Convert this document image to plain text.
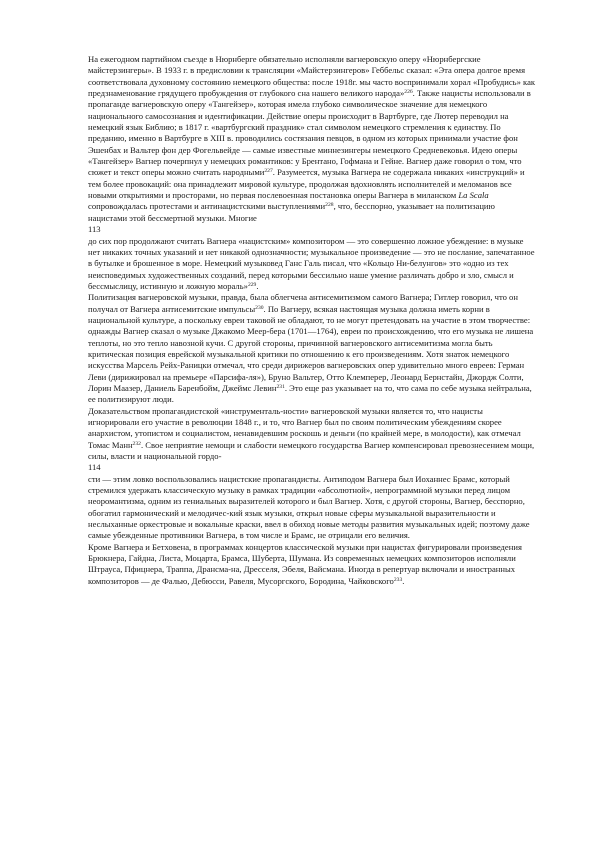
На ежегодном партийном съезде в Нюрнберге обязательно исполняли вагнеровскую оперу «Нюрнбергские майстерзингеры». В 1933 г. в предисловии к трансляции «Майстерзингеров» Геббельс сказал: «Эта опера долгое время соответствовала духовному состоянию немецкого общества: после 1918г. мы часто воспринимали хорал «Пробудись» как предзнаменование грядущего пробуждения от глубокого сна нашего великого народа»$^{226}$. Также нацисты использовали в пропаганде вагнеровскую оперу «Тангейзер», которая имела глубоко символическое значение для немецкого национального самосознания и идентификации. Действие оперы происходит в Вартбурге, где Лютер переводил на немецкий язык Библию; в 1817 г. «вартбургский праздник» стал символом немецкого стремления к единству. По преданию, именно в Вартбурге в XIII в. проводились состязания певцов, в одном из которых принимали участие фон Эшенбах и Вальтер фон дер Фогельвейде — самые известные миннезингеры немецкого Средневековья. Идею оперы «Тангейзер» Вагнер почерпнул у немецких романтиков: у Брентано, Гофмана и Гейне. Вагнер даже говорил о том, что сюжет и текст оперы можно считать народными$^{227}$. Разумеется, музыка Вагнера не содержала никаких «инструкций» и тем более провокаций: она принадлежит мировой культуре, продолжая вдохновлять исполнителей и меломанов все новыми открытиями и просторами, но первая послевоенная постановка оперы Вагнера в миланском La Scala сопровождалась протестами и антинацистскими выступлениями$^{228}$, что, бесспорно, указывает на политизацию нацистами этой бессмертной музыки. Многие

113

до сих пор продолжают считать Вагнера «нацистским» композитором — это совершенно ложное убеждение: в музыке нет никаких точных указаний и нет никакой однозначности; музыкальное произведение — это не послание, запечатанное в бутылке и брошенное в море. Немецкий музыковед Ганс Галь писал, что «Кольцо Ни-белунгов» это «одно из тех неисповедимых художественных созданий, перед которыми бессильно наше умение различать добро и зло, смысл и бессмыслицу, истинную и ложную мораль»$^{229}$.

Политизация вагнеровской музыки, правда, была облегчена антисемитизмом самого Вагнера; Гитлер говорил, что он получал от Вагнера антисемитские импульсы$^{230}$. По Вагнеру, всякая настоящая музыка должна иметь корни в национальной культуре, а поскольку евреи таковой не обладают, то не могут претендовать на участие в этом творчестве: однажды Вагнер сказал о музыке Джакомо Меер-бера (1701—1764), евреи по происхождению, что его музыка не лишена теплоты, но это тепло навозной кучи. С другой стороны, причинной вагнеровского антисемитизма могла быть критическая позиция еврейской музыкальной критики по отношению к его произведениям. Хотя знаток немецкого искусства Марсель Рейх-Раницки отмечал, что среди дирижеров вагнеровских опер удивительно много евреев: Герман Леви (дирижировал на премьере «Парсифа-ля»), Бруно Вальтер, Отто Клемперер, Леонард Бернстайн, Джордж Солти, Лорин Маазер, Даниель Баренбойм, Джеймс Левин$^{231}$. Это еще раз указывает на то, что сама по себе музыка нейтральна, ее политизируют люди.

Доказательством пропагандистской «инструменталь-ности» вагнеровской музыки является то, что нацисты игнорировали его участие в революции 1848 г., и то, что Вагнер был по своим политическим убеждениям скорее анархистом, утопистом и социалистом, ненавидевшим роскошь и деньги (по крайней мере, в молодости), как отмечал Томас Манн$^{232}$. Свое неприятие немощи и слабости немецкого государства Вагнер компенсировал превознесением мощи, силы, власти и национальной гордо-

114

сти — этим ловко воспользовались нацистские пропагандисты. Антиподом Вагнера был Иоханнес Брамс, который стремился удержать классическую музыку в рамках традиции «абсолютной», непрограммной музыки перед лицом неоромантизма, одним из гениальных выразителей которого и был Вагнер. Хотя, с другой стороны, Вагнер, бесспорно, обогатил гармонический и мелодичес-кий язык музыки, открыл новые сферы музыкальной выразительности и неслыханные оркестровые и вокальные краски, ввел в обиход новые методы развития музыкальных идей; поэтому даже самые убежденные противники Вагнера, в том числе и Брамс, не отрицали его величия.

Кроме Вагнера и Бетховена, в программах концертов классической музыки при нацистах фигурировали произведения Брюкнера, Гайдна, Листа, Моцарта, Брамса, Шуберта, Шумана. Из современных немецких композиторов исполняли Штрауса, Пфицнера, Траппа, Дрансма-на, Дресселя, Эбеля, Вайсмана. Иногда в репертуар включали и иностранных композиторов — де Фалью, Дебюсси, Равеля, Мусоргского, Бородина, Чайковского$^{233}$.
